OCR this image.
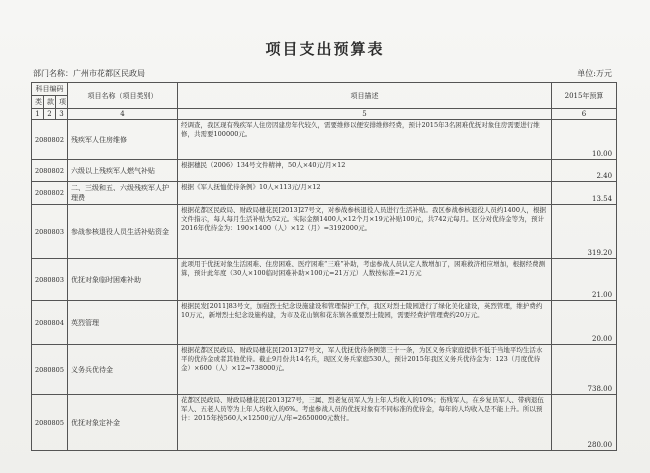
项目支出预算表
部门名称：广州市花都区民政局	单位:万元
科目编码			项目名称（项目类别）	项目描述	2015年预算
类	款	项			
1	2	3	4	5	6
2080802			残疾军人住房维修	经调查，我区现有残疾军人住房因建房年代较久，需要维修以便安排维修经费，预计2015年3名困难优抚对象住房需要进行维修，共需要100000元。	10.00
2080802			六级以上残疾军人燃气补贴	根据穗民（2006）134号文件精神，50人×40元/月×12	2.40
2080802			二、三级和五、六级残疾军人护理费	根据《军人抚恤优待条例》10人×113元/月×12	13.54
2080803			参战参核退役人员生活补贴资金	根据花都区民政局、财政局穗花民[2013]27号文，对参战参核退役人员进行生活补贴。我区参战参核退役人员约1400人，根据文件指示，每人每月生活补贴为52元。实际金额1400人×12个月×19元补贴100元，共742元每月。区分对优待金等为，预计2016年优待金为：190×1400（人）×12（月）=3192000元。	319.20
2080803			优抚对象临时困难补助	此项用于优抚对象生活困难、住房困难、医疗困难“三难”补助，考虑参战人员认定人数增加了，困难救济相应增加，根据经费测算，预计此年度（30人×100临时困难补助×100元=21万元）人数按标准=21万元	21.00
2080804			英烈管理	根据民发[2011]83号文，加强烈士纪念设施建设和管理保护工作，我区对烈士陵园进行了绿化美化建设，英烈管理，维护费约10万元，新增烈士纪念设施构建，为市及花山镇和花东镇各重要烈士陵园，需要经费护管理费约20万元。	20.00
2080805			义务兵优待金	根据花都区民政局、财政局穗花民[2013]27号文，军人优抚优待条例第三十一条，为区义务兵家庭提供不低于当地平均生活水平的优待金或者其他优待。截止9月份共14名兵，现区义务兵家庭530人，预计2015年我区义务兵优待金为：123（月度优待金）×600（人）×12=738000元。	738.00
2080805			优抚对象定补金	花都区民政局、财政局穗花民[2013]27号，三属、烈老复员军人为上年人均收入的10%；伤残军人，在乡复员军人、带病退伍军人、五老人员等为上年人均收入的6%。考虑参战人员的优抚对象有不同标准的优待金，每年的人均收入是不能上升。所以预计：2015年按560人×12500元/人/年=2650000元数付。	280.00
